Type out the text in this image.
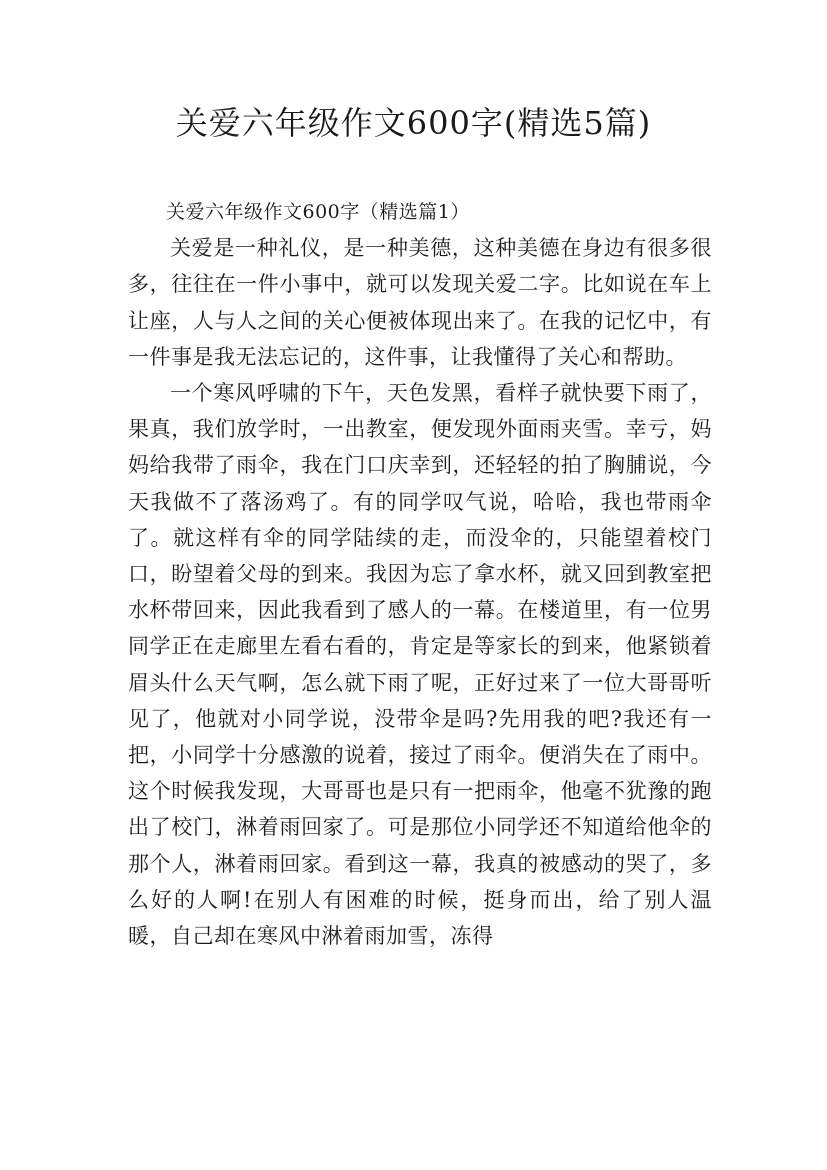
关爱六年级作文600字(精选5篇)
关爱六年级作文600字（精选篇1）

关爱是一种礼仪，是一种美德，这种美德在身边有很多很多，往往在一件小事中，就可以发现关爱二字。比如说在车上让座，人与人之间的关心便被体现出来了。在我的记忆中，有一件事是我无法忘记的，这件事，让我懂得了关心和帮助。

一个寒风呼啸的下午，天色发黑，看样子就快要下雨了，果真，我们放学时，一出教室，便发现外面雨夹雪。幸亏，妈妈给我带了雨伞，我在门口庆幸到，还轻轻的拍了胸脯说，今天我做不了落汤鸡了。有的同学叹气说，哈哈，我也带雨伞了。就这样有伞的同学陆续的走，而没伞的，只能望着校门口，盼望着父母的到来。我因为忘了拿水杯，就又回到教室把水杯带回来，因此我看到了感人的一幕。在楼道里，有一位男同学正在走廊里左看右看的，肯定是等家长的到来，他紧锁着眉头什么天气啊，怎么就下雨了呢，正好过来了一位大哥哥听见了，他就对小同学说，没带伞是吗?先用我的吧?我还有一把，小同学十分感激的说着，接过了雨伞。便消失在了雨中。这个时候我发现，大哥哥也是只有一把雨伞，他毫不犹豫的跑出了校门，淋着雨回家了。可是那位小同学还不知道给他伞的那个人，淋着雨回家。看到这一幕，我真的被感动的哭了，多么好的人啊!在别人有困难的时候，挺身而出，给了别人温暖，自己却在寒风中淋着雨加雪，冻得
